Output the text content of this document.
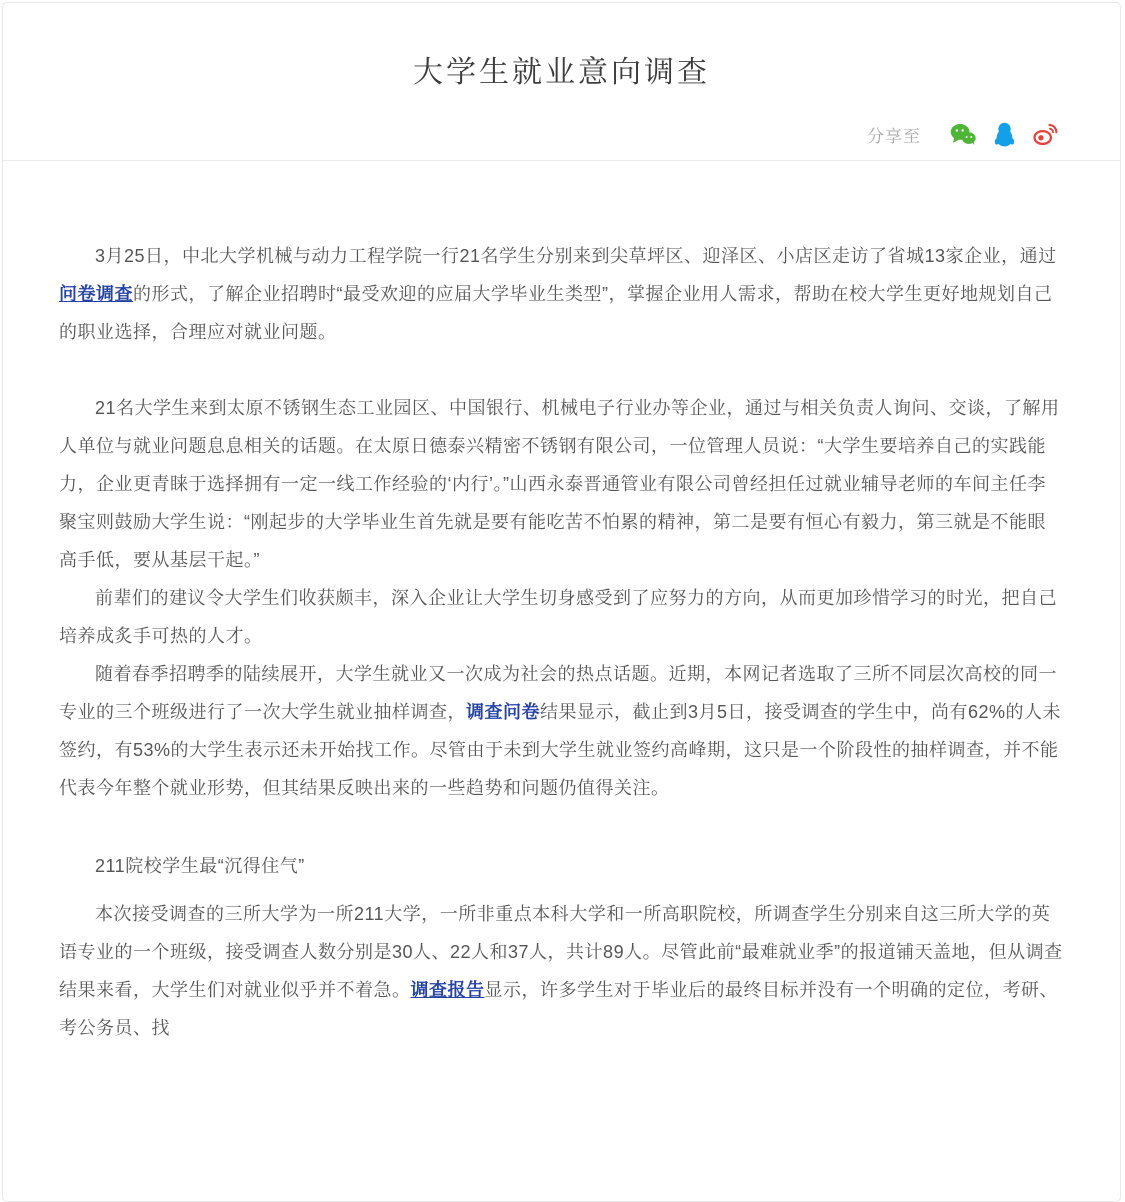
大学生就业意向调查
分享至

3月25日，中北大学机械与动力工程学院一行21名学生分别来到尖草坪区、迎泽区、小店区走访了省城13家企业，通过问卷调查的形式，了解企业招聘时“最受欢迎的应届大学毕业生类型”，掌握企业用人需求，帮助在校大学生更好地规划自己的职业选择，合理应对就业问题。

21名大学生来到太原不锈钢生态工业园区、中国银行、机械电子行业办等企业，通过与相关负责人询问、交谈，了解用人单位与就业问题息息相关的话题。在太原日德泰兴精密不锈钢有限公司，一位管理人员说：“大学生要培养自己的实践能力，企业更青睐于选择拥有一定一线工作经验的‘内行’。”山西永泰晋通管业有限公司曾经担任过就业辅导老师的车间主任李聚宝则鼓励大学生说：“刚起步的大学毕业生首先就是要有能吃苦不怕累的精神，第二是要有恒心有毅力，第三就是不能眼高手低，要从基层干起。”

前辈们的建议令大学生们收获颇丰，深入企业让大学生切身感受到了应努力的方向，从而更加珍惜学习的时光，把自己培养成炙手可热的人才。

随着春季招聘季的陆续展开，大学生就业又一次成为社会的热点话题。近期，本网记者选取了三所不同层次高校的同一专业的三个班级进行了一次大学生就业抽样调查，调查问卷结果显示，截止到3月5日，接受调查的学生中，尚有62%的人未签约，有53%的大学生表示还未开始找工作。尽管由于未到大学生就业签约高峰期，这只是一个阶段性的抽样调查，并不能代表今年整个就业形势，但其结果反映出来的一些趋势和问题仍值得关注。

211院校学生最“沉得住气”

本次接受调查的三所大学为一所211大学，一所非重点本科大学和一所高职院校，所调查学生分别来自这三所大学的英语专业的一个班级，接受调查人数分别是30人、22人和37人，共计89人。尽管此前“最难就业季”的报道铺天盖地，但从调查结果来看，大学生们对就业似乎并不着急。调查报告显示，许多学生对于毕业后的最终目标并没有一个明确的定位，考研、考公务员、找
